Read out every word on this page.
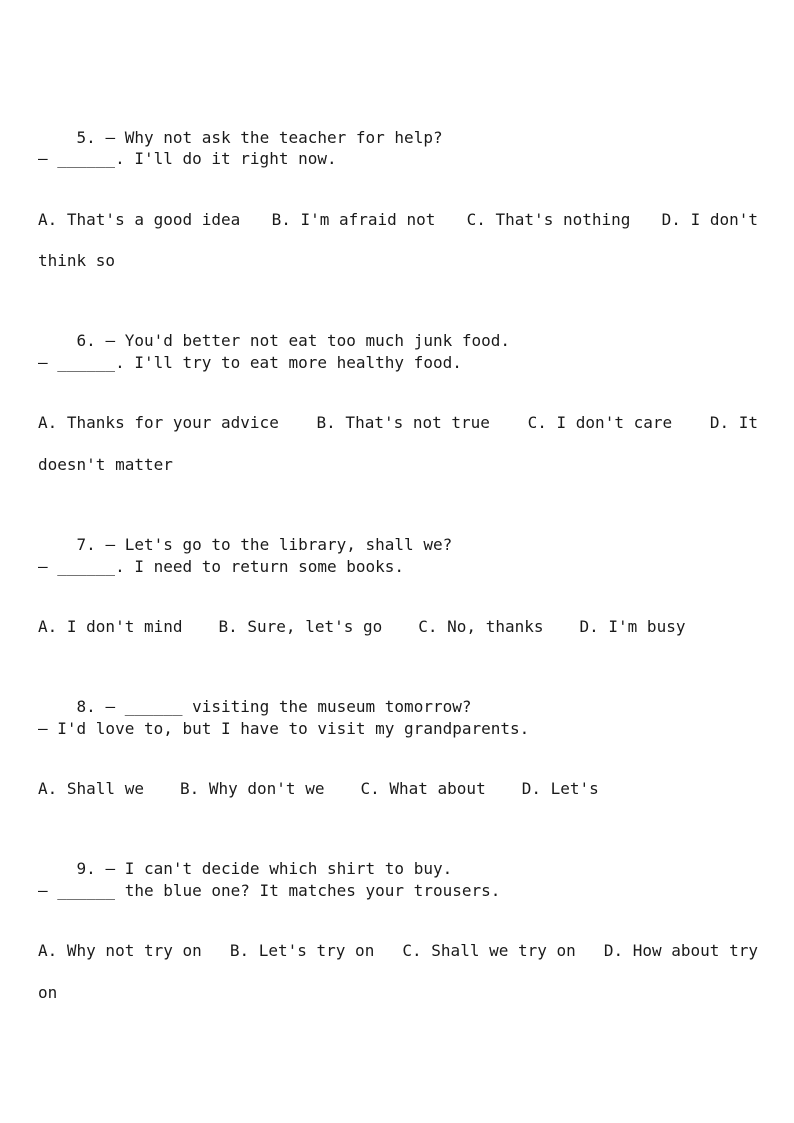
5. — Why not ask the teacher for help?

— ______. I'll do it right now.
A. That's a good idea B. I'm afraid not C. That's nothing D. I don't
think so

6. — You'd better not eat too much junk food.

— ______. I'll try to eat more healthy food.
A. Thanks for your advice B. That's not true C. I don't care D. It
doesn't matter

7. — Let's go to the library, shall we?

— ______. I need to return some books.
A. I don't mind B. Sure, let's go C. No, thanks D. I'm busy

8. — ______ visiting the museum tomorrow?

— I'd love to, but I have to visit my grandparents.
A. Shall we B. Why don't we C. What about D. Let's

9. — I can't decide which shirt to buy.

— ______ the blue one? It matches your trousers.
A. Why not try on B. Let's try on C. Shall we try on D. How about try
on
